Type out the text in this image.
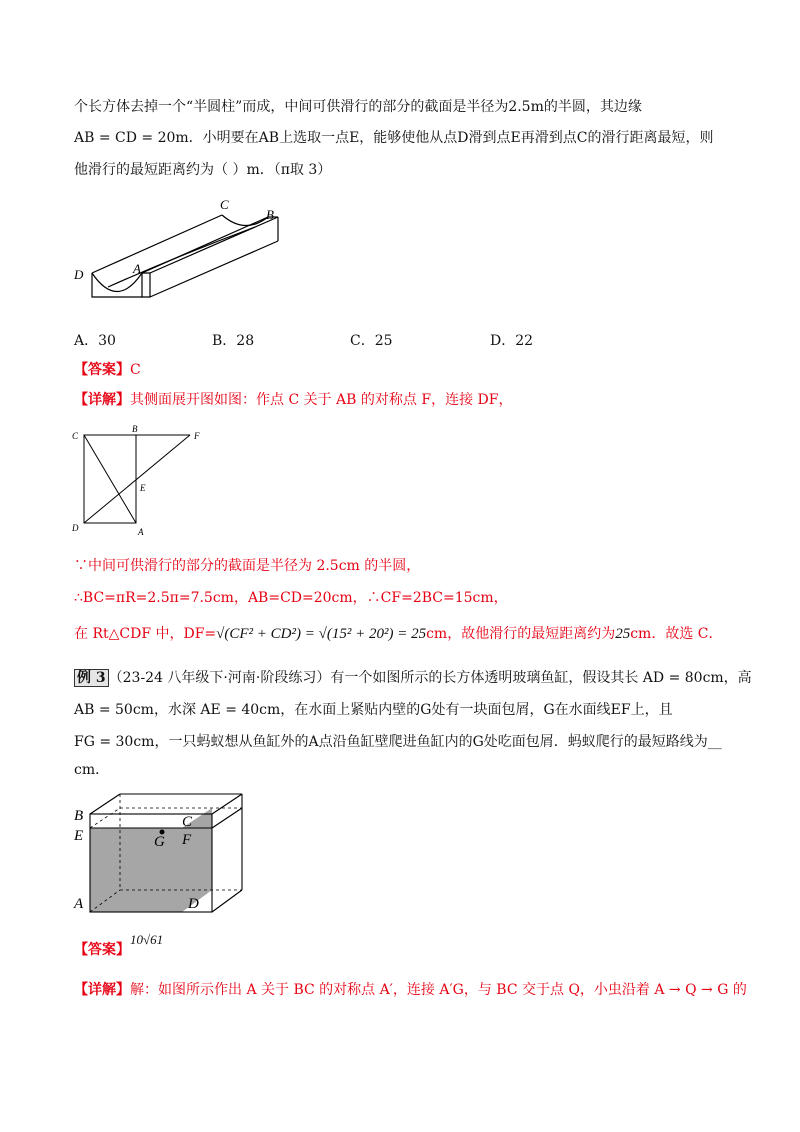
个长方体去掉一个“半圆柱”而成，中间可供滑行的部分的截面是半径为2.5m的半圆，其边缘
AB = CD = 20m．小明要在AB上选取一点E，能够使他从点D滑到点E再滑到点C的滑行距离最短，则
他滑行的最短距离约为（ ）m．（π取 3）
C
B
D	A
A．30	B．28	C．25	D．22
【答案】C
【详解】其侧面展开图如图：作点 C 关于 AB 的对称点 F，连接 DF，
C
B
F
E
D	A
∵中间可供滑行的部分的截面是半径为 2.5cm 的半圆，
∴BC=πR=2.5π=7.5cm，AB=CD=20cm，∴CF=2BC=15cm，
在 Rt△CDF 中，DF=√(CF² + CD²) = √(15² + 20²) = 25cm，故他滑行的最短距离约为25cm．故选 C．
例 3 （23-24 八年级下·河南·阶段练习）有一个如图所示的长方体透明玻璃鱼缸，假设其长 AD = 80cm，高
AB = 50cm，水深 AE = 40cm，在水面上紧贴内壁的G处有一块面包屑，G在水面线EF上，且
FG = 30cm，一只蚂蚁想从鱼缸外的A点沿鱼缸壁爬进鱼缸内的G处吃面包屑．蚂蚁爬行的最短路线为__
cm．
B	C
E	G F
A	D
【答案】10√61
【详解】解：如图所示作出 A 关于 BC 的对称点 A′，连接 A′G，与 BC 交于点 Q，小虫沿着 A → Q → G 的
